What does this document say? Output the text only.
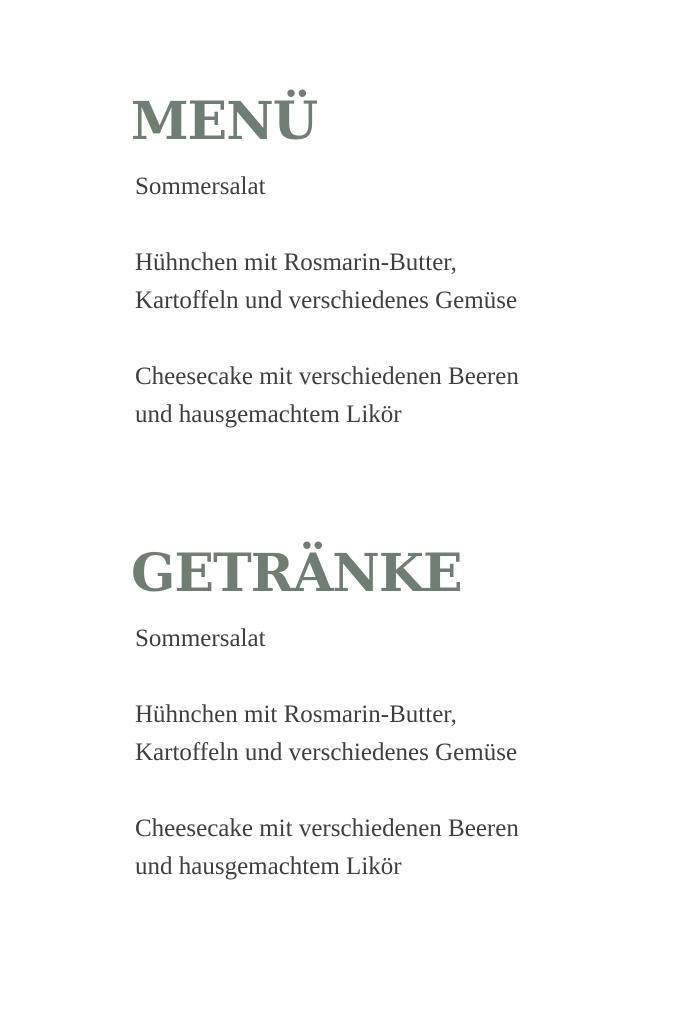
MENÜ

Sommersalat

Hühnchen mit Rosmarin-Butter,
Kartoffeln und verschiedenes Gemüse

Cheesecake mit verschiedenen Beeren
und hausgemachtem Likör

GETRÄNKE

Sommersalat

Hühnchen mit Rosmarin-Butter,
Kartoffeln und verschiedenes Gemüse

Cheesecake mit verschiedenen Beeren
und hausgemachtem Likör
